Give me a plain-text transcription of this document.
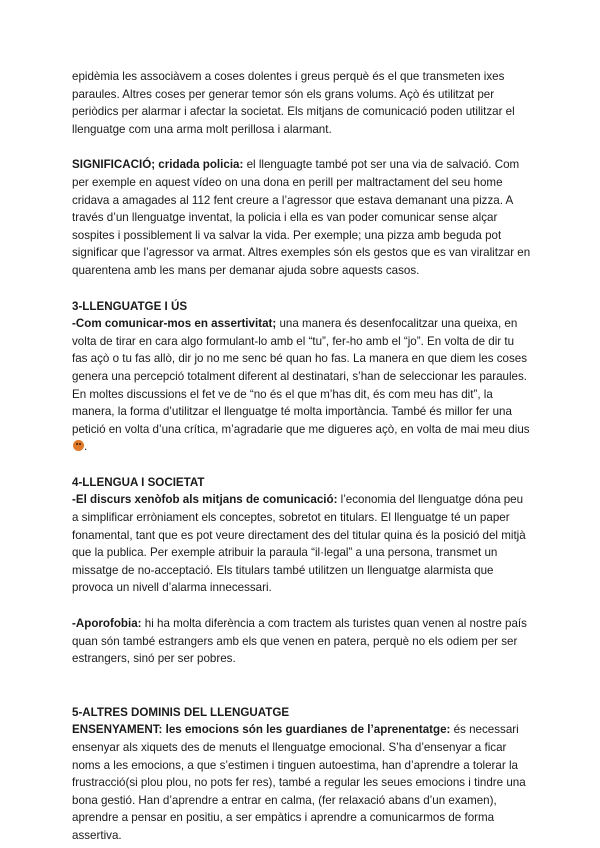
epidèmia les associàvem a coses dolentes i greus perquè és el que transmeten ixes paraules. Altres coses per generar temor són els grans volums. Açò és utilitzat per periòdics per alarmar i afectar la societat. Els mitjans de comunicació poden utilitzar el llenguatge com una arma molt perillosa i alarmant.

SIGNIFICACIÓ; cridada policia: el llenguagte també pot ser una via de salvació. Com per exemple en aquest vídeo on una dona en perill per maltractament del seu home cridava a amagades al 112 fent creure a l’agressor que estava demanant una pizza. A través d’un llenguatge inventat, la policia i ella es van poder comunicar sense alçar sospites i possiblement li va salvar la vida. Per exemple; una pizza amb beguda pot significar que l’agressor va armat. Altres exemples són els gestos que es van viralitzar en quarentena amb les mans per demanar ajuda sobre aquests casos.

3-LLENGUATGE I ÚS

-Com comunicar-mos en assertivitat; una manera és desenfocalitzar una queixa, en volta de tirar en cara algo formulant-lo amb el “tu”, fer-ho amb el “jo”. En volta de dir tu fas açò o tu fas allò, dir jo no me senc bé quan ho fas. La manera en que diem les coses genera una percepció totalment diferent al destinatari, s’han de seleccionar les paraules. En moltes discussions el fet ve de “no és el que m’has dit, és com meu has dit”, la manera, la forma d’utilitzar el llenguatge té molta importància. També és millor fer una petició en volta d’una crítica, m’agradarie que me digueres açò, en volta de mai meu dius.

4-LLENGUA I SOCIETAT

-El discurs xenòfob als mitjans de comunicació: l’economia del llenguatge dóna peu a simplificar erròniament els conceptes, sobretot en titulars. El llenguatge té un paper fonamental, tant que es pot veure directament des del titular quina és la posició del mitjà que la publica. Per exemple atribuir la paraula “il·legal” a una persona, transmet un missatge de no-acceptació. Els titulars també utilitzen un llenguatge alarmista que provoca un nivell d’alarma innecessari.

-Aporofobia: hi ha molta diferència a com tractem als turistes quan venen al nostre país quan són també estrangers amb els que venen en patera, perquè no els odiem per ser estrangers, sinó per ser pobres.

5-ALTRES DOMINIS DEL LLENGUATGE

ENSENYAMENT: les emocions són les guardianes de l’aprenentatge: és necessari ensenyar als xiquets des de menuts el llenguatge emocional. S’ha d’ensenyar a ficar noms a les emocions, a que s’estimen i tinguen autoestima, han d’aprendre a tolerar la frustracció(si plou plou, no pots fer res), també a regular les seues emocions i tindre una bona gestió. Han d’aprendre a entrar en calma, (fer relaxació abans d’un examen), aprendre a pensar en positiu, a ser empàtics i aprendre a comunicarmos de forma assertiva.
